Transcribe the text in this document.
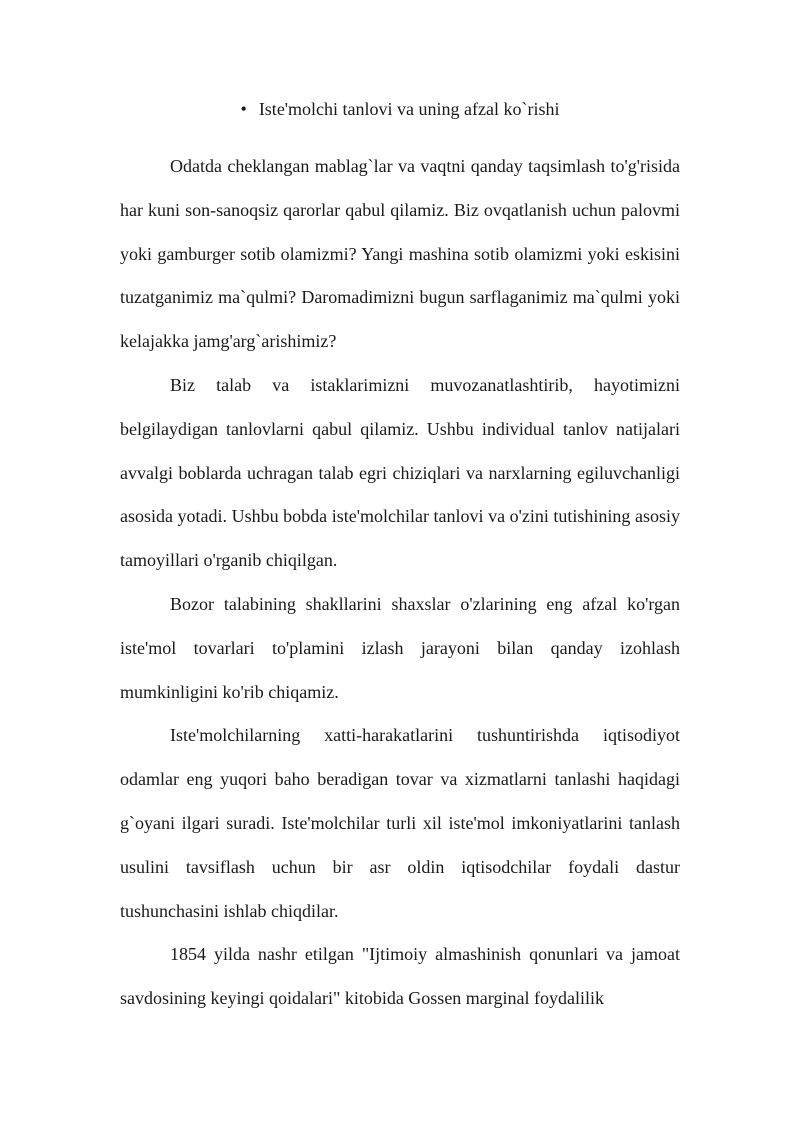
• Iste'molchi tanlovi va uning afzal ko`rishi

Odatda cheklangan mablag`lar va vaqtni qanday taqsimlash to'g'risida har kuni son-sanoqsiz qarorlar qabul qilamiz. Biz ovqatlanish uchun palovmi yoki gamburger sotib olamizmi? Yangi mashina sotib olamizmi yoki eskisini tuzatganimiz ma`qulmi? Daromadimizni bugun sarflaganimiz ma`qulmi yoki kelajakka jamg'arg`arishimiz?

Biz talab va istaklarimizni muvozanatlashtirib, hayotimizni belgilaydigan tanlovlarni qabul qilamiz. Ushbu individual tanlov natijalari avvalgi boblarda uchragan talab egri chiziqlari va narxlarning egiluvchanligi asosida yotadi. Ushbu bobda iste'molchilar tanlovi va o'zini tutishining asosiy tamoyillari o'rganib chiqilgan.

Bozor talabining shakllarini shaxslar o'zlarining eng afzal ko'rgan iste'mol tovarlari to'plamini izlash jarayoni bilan qanday izohlash mumkinligini ko'rib chiqamiz.

Iste'molchilarning xatti-harakatlarini tushuntirishda iqtisodiyot odamlar eng yuqori baho beradigan tovar va xizmatlarni tanlashi haqidagi g`oyani ilgari suradi. Iste'molchilar turli xil iste'mol imkoniyatlarini tanlash usulini tavsiflash uchun bir asr oldin iqtisodchilar foydali dastur tushunchasini ishlab chiqdilar.

1854 yilda nashr etilgan "Ijtimoiy almashinish qonunlari va jamoat savdosining keyingi qoidalari" kitobida Gossen marginal foydalilik
